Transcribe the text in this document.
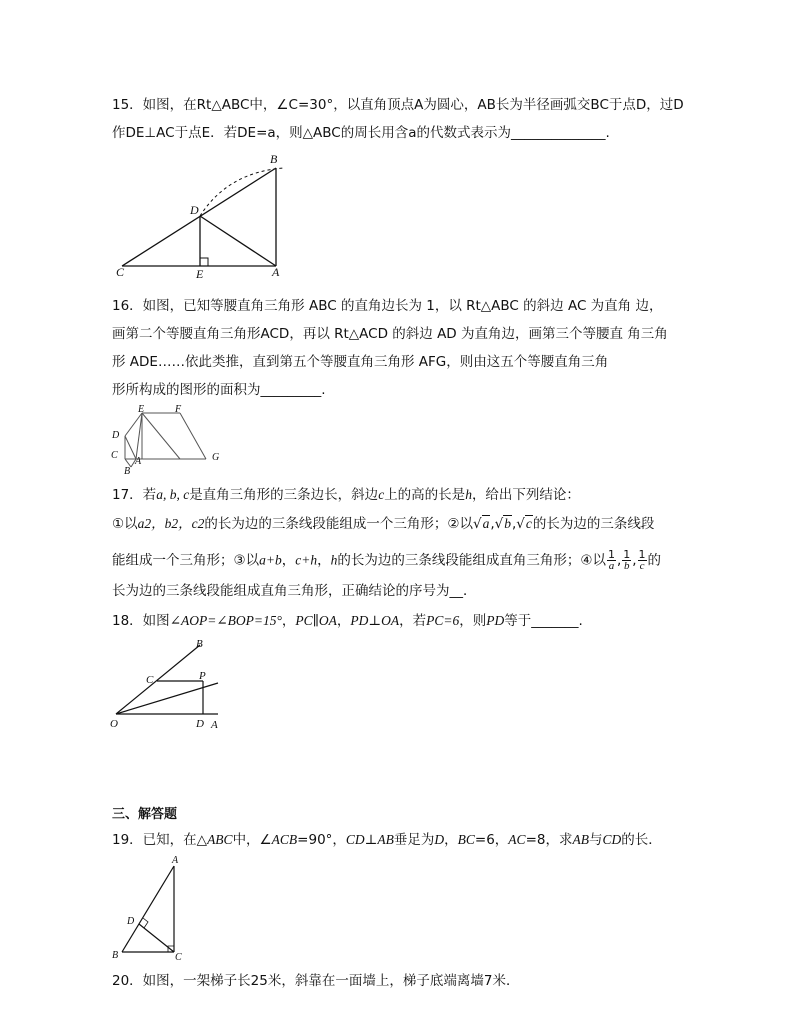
15．如图，在Rt△ABC中，∠C=30°，以直角顶点A为圆心，AB长为半径画弧交BC于点D，过D
作DE⊥AC于点E．若DE=a，则△ABC的周长用含a的代数式表示为______________.
B
D
C	E	A
16．如图，已知等腰直角三角形 ABC 的直角边长为 1，以 Rt△ABC 的斜边 AC 为直角 边，
画第二个等腰直角三角形ACD，再以 Rt△ACD 的斜边 AD 为直角边，画第三个等腰直 角三角
形 ADE……依此类推，直到第五个等腰直角三角形 AFG，则由这五个等腰直角三角
形所构成的图形的面积为_________.
E	F
D
C
A
B
G
17．若a, b, c是直角三角形的三条边长，斜边c上的高的长是h，给出下列结论：
①以a2，b2，c2的长为边的三条线段能组成一个三角形；②以√a,√b,√c的长为边的三条线段
能组成一个三角形；③以a+b，c+h，h的长为边的三条线段能组成直角三角形；④以 $\frac{1}{a}$ , $\frac{1}{b}$ , $\frac{1}{c}$ 的
长为边的三条线段能组成直角三角形，正确结论的序号为__．
18．如图∠AOP=∠BOP=15°，PC∥OA，PD⊥OA，若PC=6，则PD等于_______.
B
C	P
O	D A
三、解答题
19．已知，在△ABC中，∠ACB=90°，CD⊥AB垂足为D，BC=6，AC=8，求AB与CD的长．
A
D
B	C
20．如图，一架梯子长25米，斜靠在一面墙上，梯子底端离墙7米．
